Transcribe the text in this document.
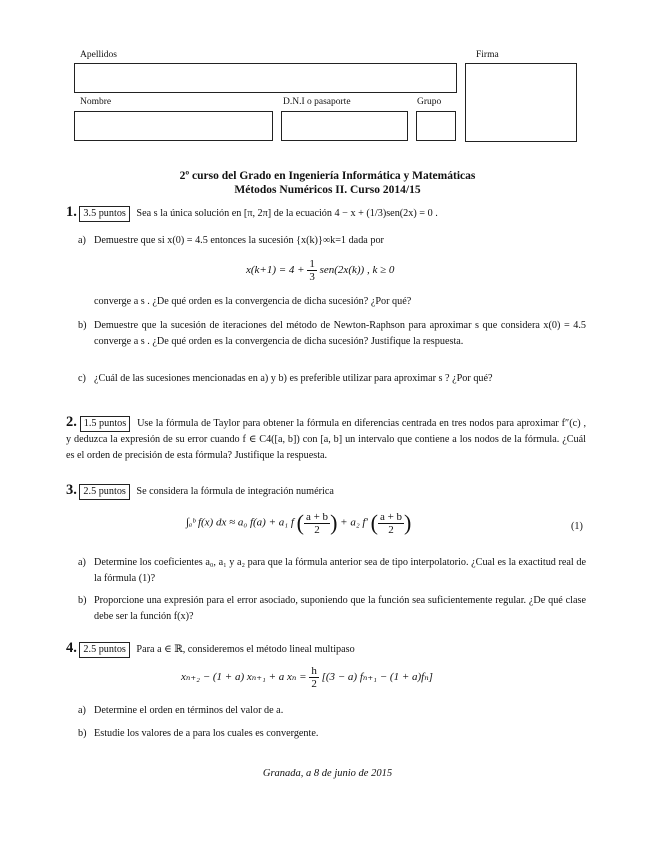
Apellidos	Firma
Nombre	D.N.I o pasaporte	Grupo
2º curso del Grado en Ingeniería Informática y Matemáticas
Métodos Numéricos II. Curso 2014/15
1. 3.5 puntos Sea s la única solución en [π, 2π] de la ecuación 4 − x + (1/3)sen(2x) = 0 .
a) Demuestre que si x(0) = 4.5 entonces la sucesión {x(k)}∞k=1 dada por
$x(k+1) = 4 + \frac{1}{3} sen(2x(k))$ , k ≥ 0
converge a s . ¿De qué orden es la convergencia de dicha sucesión? ¿Por qué?
b) Demuestre que la sucesión de iteraciones del método de Newton-Raphson para aproximar s que considera x(0) = 4.5 converge a s . ¿De qué orden es la convergencia de dicha sucesión? Justifique la respuesta.
c) ¿Cuál de las sucesiones mencionadas en a) y b) es preferible utilizar para aproximar s ? ¿Por qué?
2. 1.5 puntos Use la fórmula de Taylor para obtener la fórmula en diferencias centrada en tres nodos para aproximar f″(c) , y deduzca la expresión de su error cuando f ∈ C4([a, b]) con [a, b] un intervalo que contiene a los nodos de la fórmula. ¿Cuál es el orden de precisión de esta fórmula? Justifique la respuesta.
3. 2.5 puntos Se considera la fórmula de integración numérica
∫ₐᵇ f(x) dx ≈ a₀ f(a) + a₁ f ( $\frac{a + b}{2}$ ) + a₂ f′ ( $\frac{a + b}{2}$ )	(1)
a) Determine los coeficientes a₀, a₁ y a₂ para que la fórmula anterior sea de tipo interpolatorio. ¿Cual es la exactitud real de la fórmula (1)?
b) Proporcione una expresión para el error asociado, suponiendo que la función sea suficientemente regular. ¿De qué clase debe ser la función f(x)?
4. 2.5 puntos Para a ∈ ℝ, consideremos el método lineal multipaso
xₙ₊₂ − (1 + a) xₙ₊₁ + a $x_n = \frac{h}{2} [(3 - a) f_{n+1} - (1 + a)f_n]$
a) Determine el orden en términos del valor de a.
b) Estudie los valores de a para los cuales es convergente.
Granada, a 8 de junio de 2015
